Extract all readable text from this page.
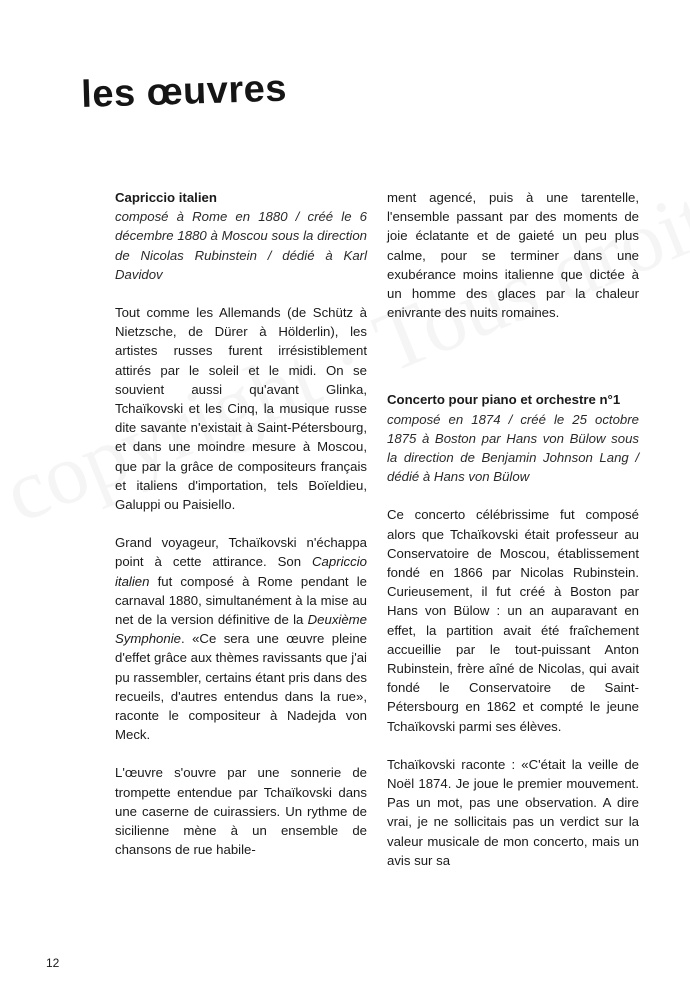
les œuvres

Capriccio italien
composé à Rome en 1880 / créé le 6 décembre 1880 à Moscou sous la direction de Nicolas Rubinstein / dédié à Karl Davidov

Tout comme les Allemands (de Schütz à Nietzsche, de Dürer à Hölderlin), les artistes russes furent irrésistiblement attirés par le soleil et le midi. On se souvient aussi qu'avant Glinka, Tchaïkovski et les Cinq, la musique russe dite savante n'existait à Saint-Pétersbourg, et dans une moindre mesure à Moscou, que par la grâce de compositeurs français et italiens d'importation, tels Boïeldieu, Galuppi ou Paisiello.

Grand voyageur, Tchaïkovski n'échappa point à cette attirance. Son Capriccio italien fut composé à Rome pendant le carnaval 1880, simultanément à la mise au net de la version définitive de la Deuxième Symphonie. «Ce sera une œuvre pleine d'effet grâce aux thèmes ravissants que j'ai pu rassembler, certains étant pris dans des recueils, d'autres entendus dans la rue», raconte le compositeur à Nadejda von Meck.

L'œuvre s'ouvre par une sonnerie de trompette entendue par Tchaïkovski dans une caserne de cuirassiers. Un rythme de sicilienne mène à un ensemble de chansons de rue habile-

ment agencé, puis à une tarentelle, l'ensemble passant par des moments de joie éclatante et de gaieté un peu plus calme, pour se terminer dans une exubérance moins italienne que dictée à un homme des glaces par la chaleur enivrante des nuits romaines.

Concerto pour piano et orchestre n°1
composé en 1874 / créé le 25 octobre 1875 à Boston par Hans von Bülow sous la direction de Benjamin Johnson Lang / dédié à Hans von Bülow

Ce concerto célébrissime fut composé alors que Tchaïkovski était professeur au Conservatoire de Moscou, établissement fondé en 1866 par Nicolas Rubinstein. Curieusement, il fut créé à Boston par Hans von Bülow : un an auparavant en effet, la partition avait été fraîchement accueillie par le tout-puissant Anton Rubinstein, frère aîné de Nicolas, qui avait fondé le Conservatoire de Saint-Pétersbourg en 1862 et compté le jeune Tchaïkovski parmi ses élèves.

Tchaïkovski raconte : «C'était la veille de Noël 1874. Je joue le premier mouvement. Pas un mot, pas une observation. A dire vrai, je ne sollicitais pas un verdict sur la valeur musicale de mon concerto, mais un avis sur sa

12
